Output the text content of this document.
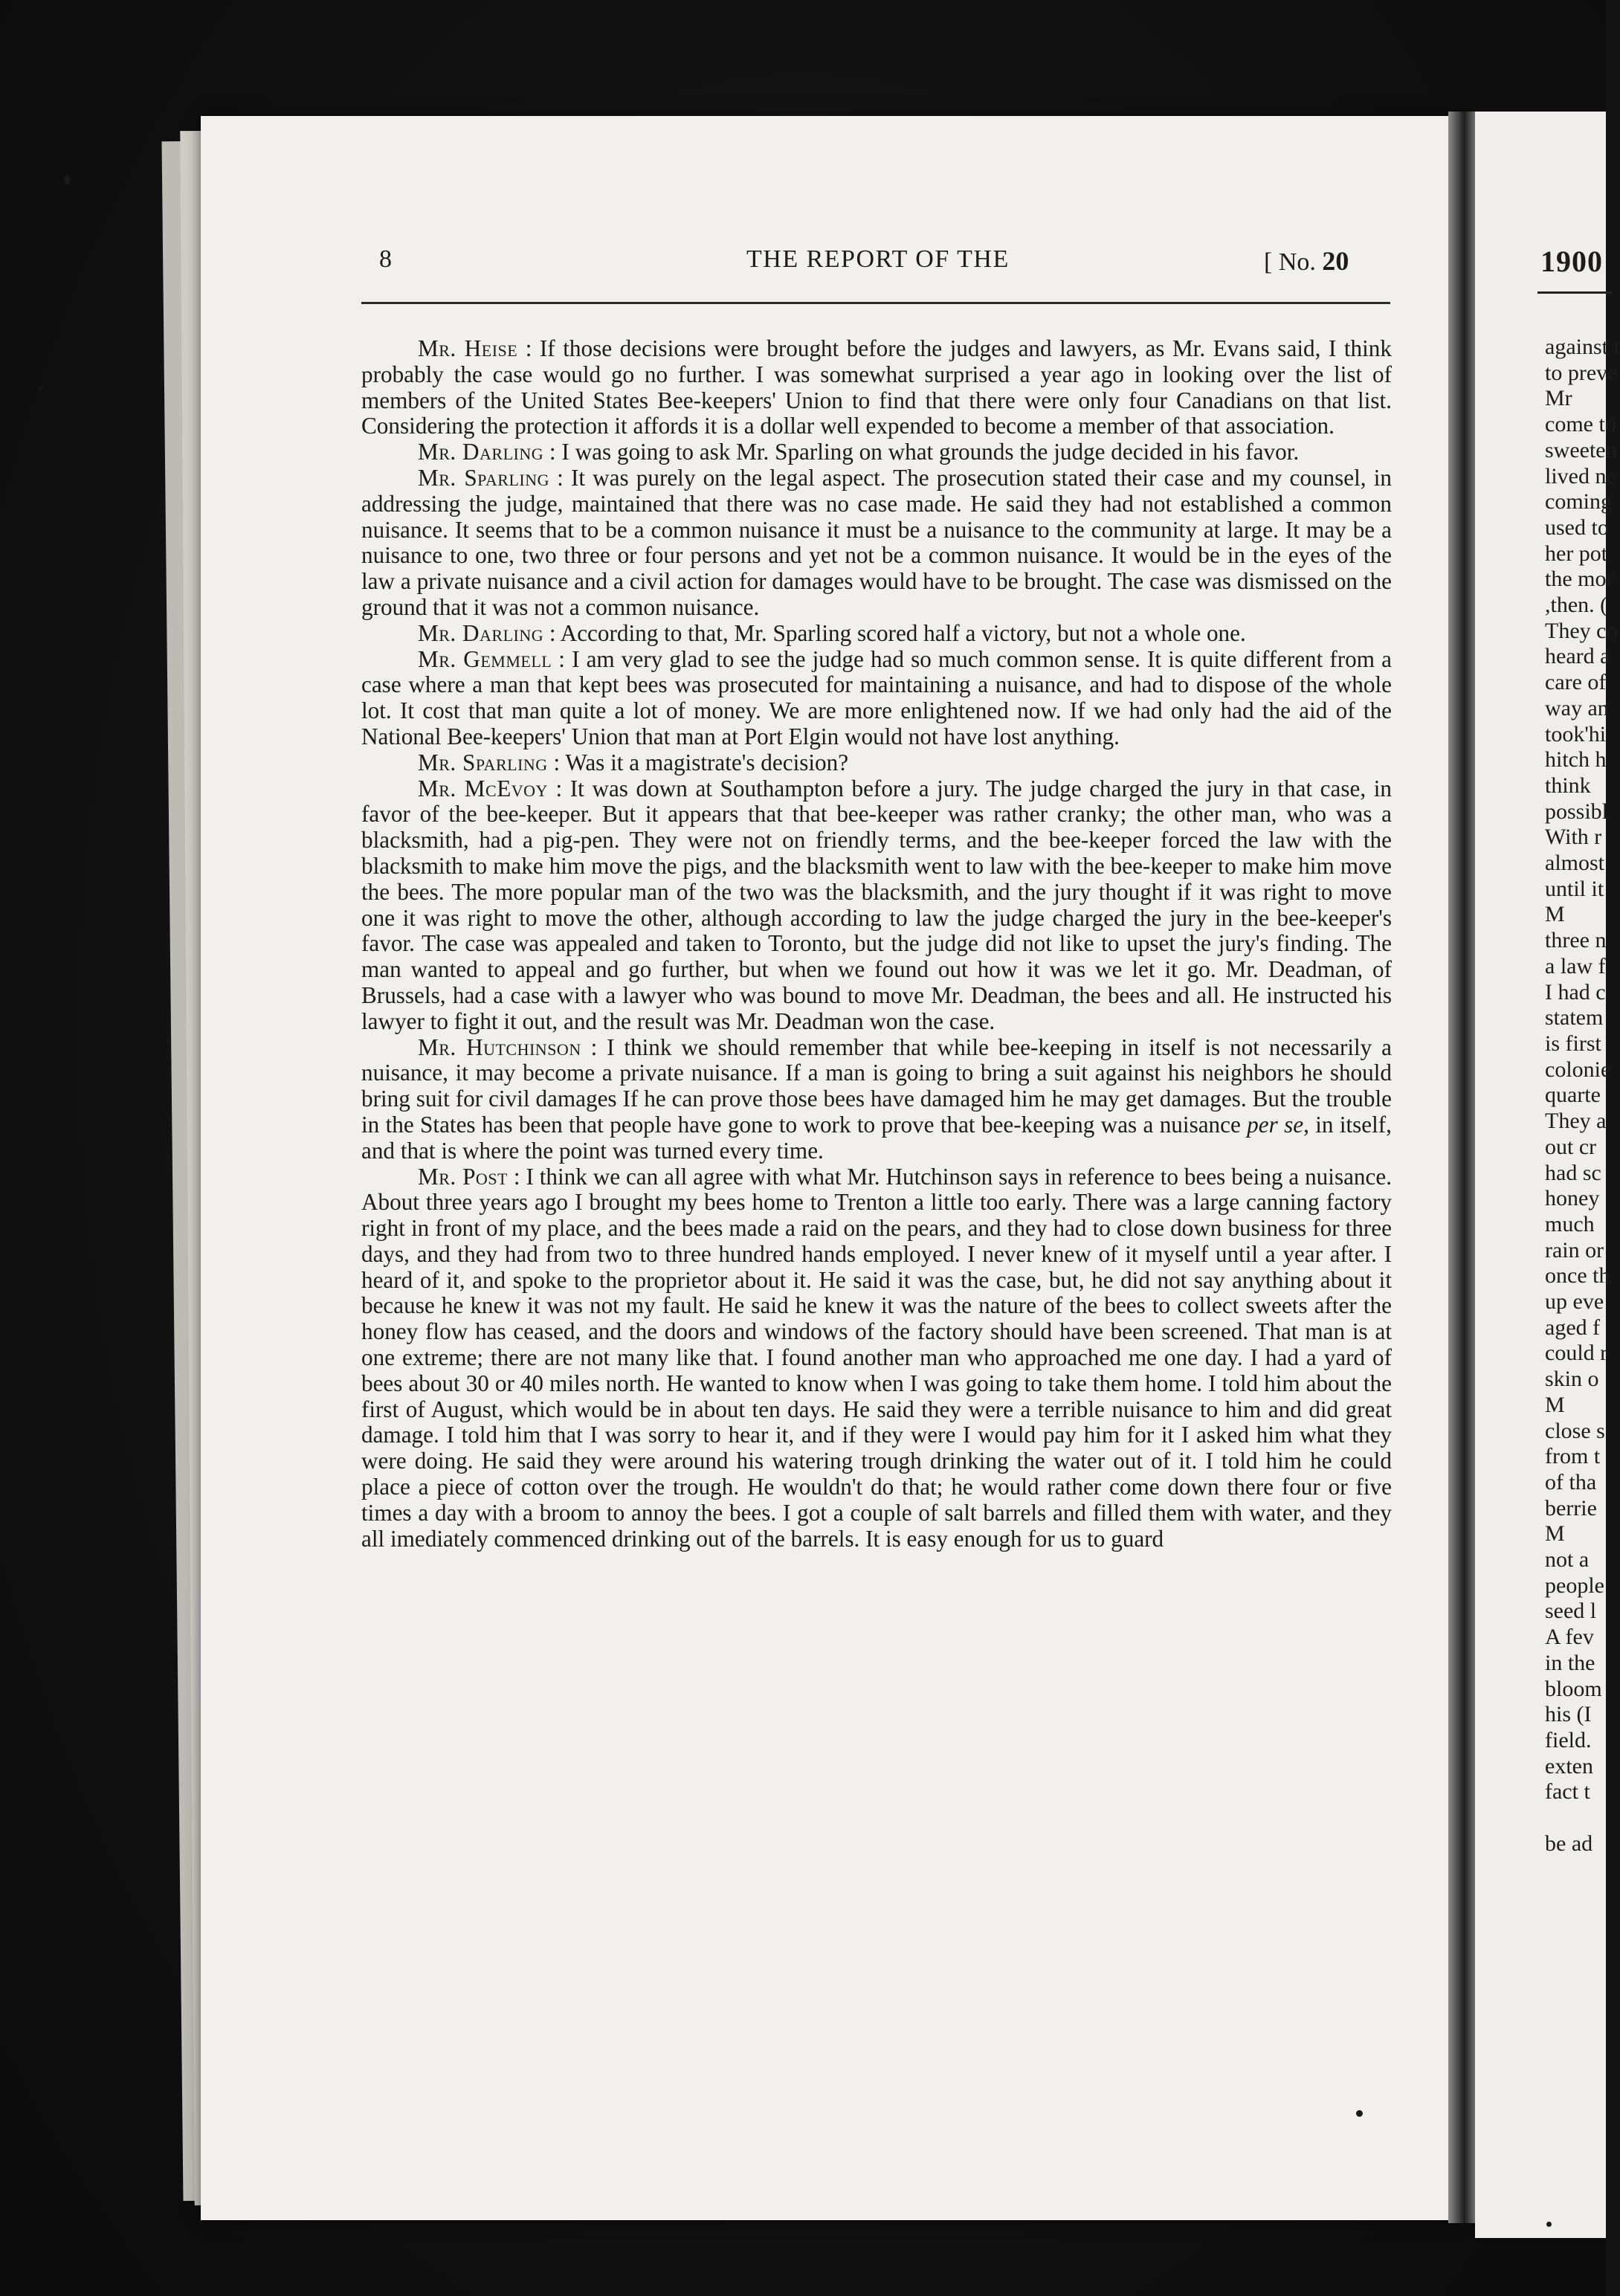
1900
against t
to preve
Mr
come to
sweeten
lived ne
coming
used to
her pot
the mor
,then. (
They co
heard a
care of
way an
took'hi
hitch h
think
possibl
With r
almost
until it
M
three n
a law f
I had c
statem
is first
colonie
quarte
They a
out cr
had sc
honey
much
rain or
once th
up eve
aged f
could r
skin o
M
close s
from t
of tha
berrie
M
not a
people
seed l
A fev
in the
bloom
his (I
field.
exten
fact t

be ad
8	THE REPORT OF THE	[ No. 20

Mr. Heise : If those decisions were brought before the judges and lawyers, as Mr. Evans said, I think probably the case would go no further. I was somewhat surprised a year ago in looking over the list of members of the United States Bee-keepers' Union to find that there were only four Canadians on that list. Considering the protection it affords it is a dollar well expended to become a member of that association.

Mr. Darling : I was going to ask Mr. Sparling on what grounds the judge decided in his favor.

Mr. Sparling : It was purely on the legal aspect. The prosecution stated their case and my counsel, in addressing the judge, maintained that there was no case made. He said they had not established a common nuisance. It seems that to be a common nuisance it must be a nuisance to the community at large. It may be a nuisance to one, two three or four persons and yet not be a common nuisance. It would be in the eyes of the law a private nuisance and a civil action for damages would have to be brought. The case was dismissed on the ground that it was not a common nuisance.

Mr. Darling : According to that, Mr. Sparling scored half a victory, but not a whole one.

Mr. Gemmell : I am very glad to see the judge had so much common sense. It is quite different from a case where a man that kept bees was prosecuted for maintaining a nuisance, and had to dispose of the whole lot. It cost that man quite a lot of money. We are more enlightened now. If we had only had the aid of the National Bee-keepers' Union that man at Port Elgin would not have lost anything.

Mr. Sparling : Was it a magistrate's decision?

Mr. McEvoy : It was down at Southampton before a jury. The judge charged the jury in that case, in favor of the bee-keeper. But it appears that that bee-keeper was rather cranky; the other man, who was a blacksmith, had a pig-pen. They were not on friendly terms, and the bee-keeper forced the law with the blacksmith to make him move the pigs, and the blacksmith went to law with the bee-keeper to make him move the bees. The more popular man of the two was the blacksmith, and the jury thought if it was right to move one it was right to move the other, although according to law the judge charged the jury in the bee-keeper's favor. The case was appealed and taken to Toronto, but the judge did not like to upset the jury's finding. The man wanted to appeal and go further, but when we found out how it was we let it go. Mr. Deadman, of Brussels, had a case with a lawyer who was bound to move Mr. Deadman, the bees and all. He instructed his lawyer to fight it out, and the result was Mr. Deadman won the case.

Mr. Hutchinson : I think we should remember that while bee-keeping in itself is not necessarily a nuisance, it may become a private nuisance. If a man is going to bring a suit against his neighbors he should bring suit for civil damages If he can prove those bees have damaged him he may get damages. But the trouble in the States has been that people have gone to work to prove that bee-keeping was a nuisance per se, in itself, and that is where the point was turned every time.

Mr. Post : I think we can all agree with what Mr. Hutchinson says in reference to bees being a nuisance. About three years ago I brought my bees home to Trenton a little too early. There was a large canning factory right in front of my place, and the bees made a raid on the pears, and they had to close down business for three days, and they had from two to three hundred hands employed. I never knew of it myself until a year after. I heard of it, and spoke to the proprietor about it. He said it was the case, but, he did not say anything about it because he knew it was not my fault. He said he knew it was the nature of the bees to collect sweets after the honey flow has ceased, and the doors and windows of the factory should have been screened. That man is at one extreme; there are not many like that. I found another man who approached me one day. I had a yard of bees about 30 or 40 miles north. He wanted to know when I was going to take them home. I told him about the first of August, which would be in about ten days. He said they were a terrible nuisance to him and did great damage. I told him that I was sorry to hear it, and if they were I would pay him for it I asked him what they were doing. He said they were around his watering trough drinking the water out of it. I told him he could place a piece of cotton over the trough. He wouldn't do that; he would rather come down there four or five times a day with a broom to annoy the bees. I got a couple of salt barrels and filled them with water, and they all imediately commenced drinking out of the barrels. It is easy enough for us to guard
